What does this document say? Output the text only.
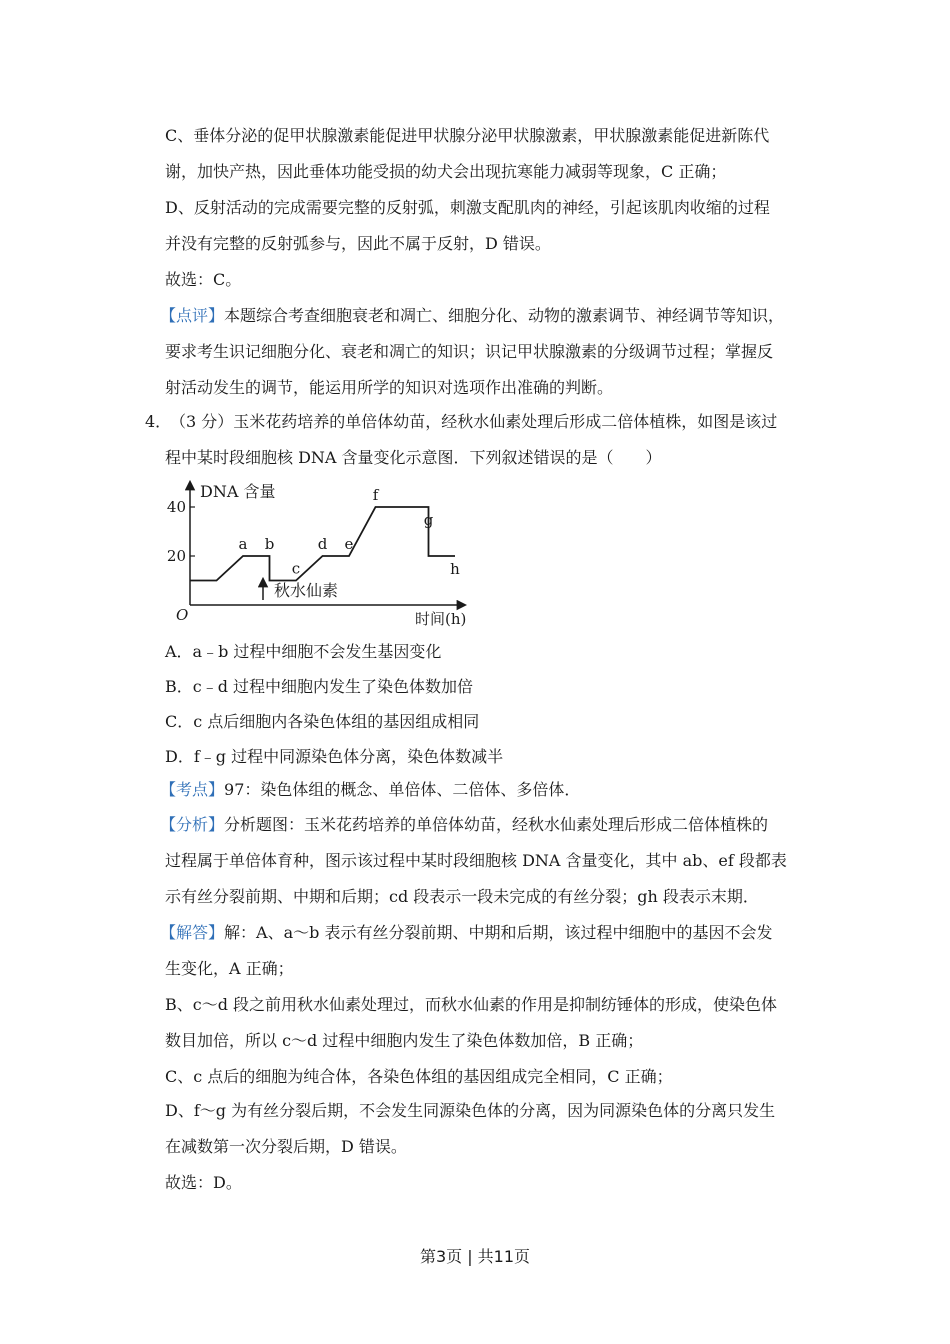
C、垂体分泌的促甲状腺激素能促进甲状腺分泌甲状腺激素，甲状腺激素能促进新陈代
谢，加快产热，因此垂体功能受损的幼犬会出现抗寒能力减弱等现象，C 正确；
D、反射活动的完成需要完整的反射弧，刺激支配肌肉的神经，引起该肌肉收缩的过程
并没有完整的反射弧参与，因此不属于反射，D 错误。
故选：C。
【点评】本题综合考查细胞衰老和凋亡、细胞分化、动物的激素调节、神经调节等知识，
要求考生识记细胞分化、衰老和凋亡的知识；识记甲状腺激素的分级调节过程；掌握反
射活动发生的调节，能运用所学的知识对选项作出准确的判断。
4．
（3 分）玉米花药培养的单倍体幼苗，经秋水仙素处理后形成二倍体植株，如图是该过
程中某时段细胞核 DNA 含量变化示意图．下列叙述错误的是（　　）
DNA 含量
时间(h)
O
20
40
a b
c
d e
f
g
h
秋水仙素
A．a﹣b 过程中细胞不会发生基因变化
B．c﹣d 过程中细胞内发生了染色体数加倍
C．c 点后细胞内各染色体组的基因组成相同
D．f﹣g 过程中同源染色体分离，染色体数减半
【考点】97：染色体组的概念、单倍体、二倍体、多倍体．
【分析】分析题图：玉米花药培养的单倍体幼苗，经秋水仙素处理后形成二倍体植株的
过程属于单倍体育种，图示该过程中某时段细胞核 DNA 含量变化，其中 ab、ef 段都表
示有丝分裂前期、中期和后期；cd 段表示一段未完成的有丝分裂；gh 段表示末期．
【解答】解：A、a～b 表示有丝分裂前期、中期和后期，该过程中细胞中的基因不会发
生变化，A 正确；
B、c～d 段之前用秋水仙素处理过，而秋水仙素的作用是抑制纺锤体的形成，使染色体
数目加倍，所以 c～d 过程中细胞内发生了染色体数加倍，B 正确；
C、c 点后的细胞为纯合体，各染色体组的基因组成完全相同，C 正确；
D、f～g 为有丝分裂后期，不会发生同源染色体的分离，因为同源染色体的分离只发生
在减数第一次分裂后期，D 错误。
故选：D。
第3页 | 共11页
